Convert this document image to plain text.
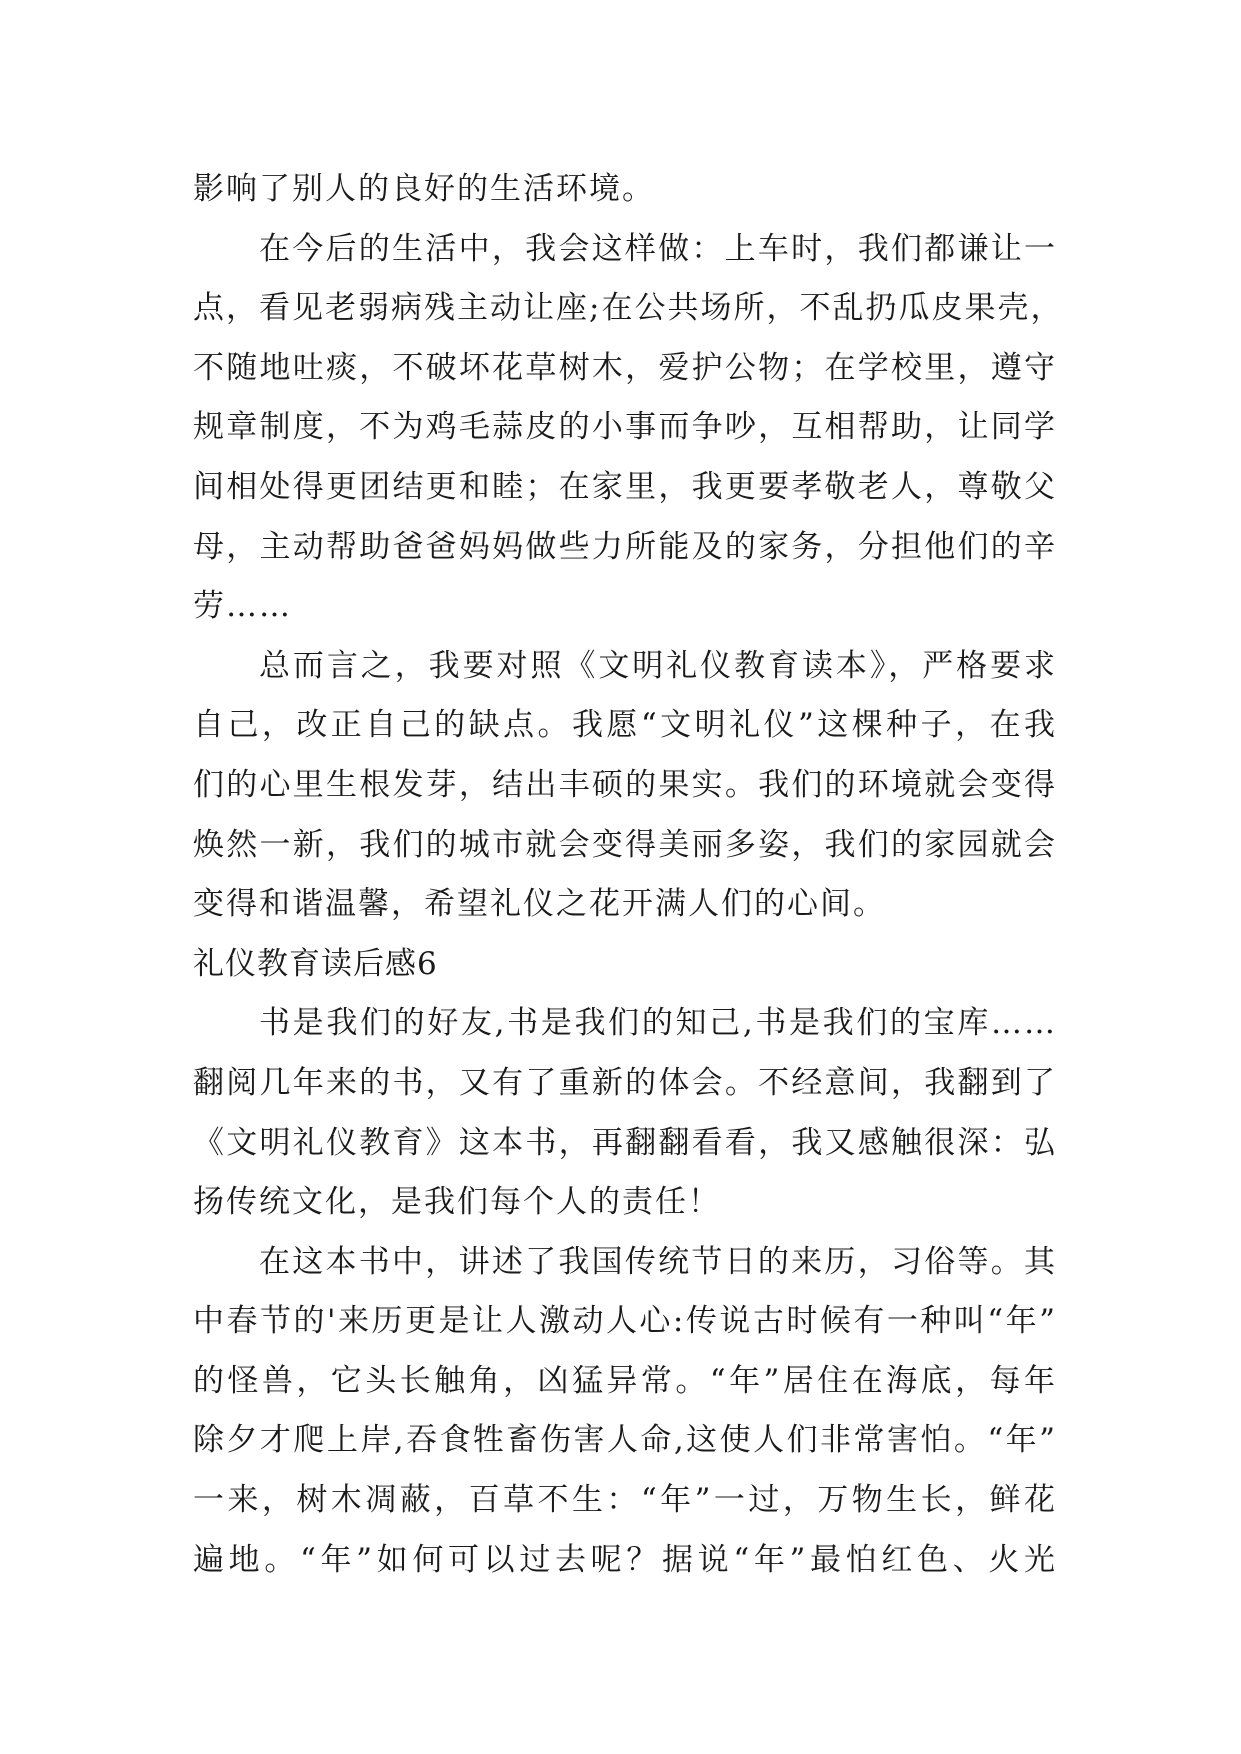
影响了别人的良好的生活环境。
在今后的生活中，我会这样做：上车时，我们都谦让一
点，看见老弱病残主动让座;在公共场所，不乱扔瓜皮果壳，
不随地吐痰，不破坏花草树木，爱护公物；在学校里，遵守
规章制度，不为鸡毛蒜皮的小事而争吵，互相帮助，让同学
间相处得更团结更和睦；在家里，我更要孝敬老人，尊敬父
母，主动帮助爸爸妈妈做些力所能及的家务，分担他们的辛
劳……
总而言之，我要对照《文明礼仪教育读本》，严格要求
自己，改正自己的缺点。我愿“文明礼仪”这棵种子，在我
们的心里生根发芽，结出丰硕的果实。我们的环境就会变得
焕然一新，我们的城市就会变得美丽多姿，我们的家园就会
变得和谐温馨，希望礼仪之花开满人们的心间。
礼仪教育读后感6
书是我们的好友,书是我们的知己,书是我们的宝库……
翻阅几年来的书，又有了重新的体会。不经意间，我翻到了
《文明礼仪教育》这本书，再翻翻看看，我又感触很深：弘
扬传统文化，是我们每个人的责任！
在这本书中，讲述了我国传统节日的来历，习俗等。其
中春节的'来历更是让人激动人心:传说古时候有一种叫“年”
的怪兽，它头长触角，凶猛异常。“年”居住在海底，每年
除夕才爬上岸,吞食牲畜伤害人命,这使人们非常害怕。“年”
一来，树木凋蔽，百草不生：“年”一过，万物生长，鲜花
遍地。“年”如何可以过去呢？据说“年”最怕红色、火光
